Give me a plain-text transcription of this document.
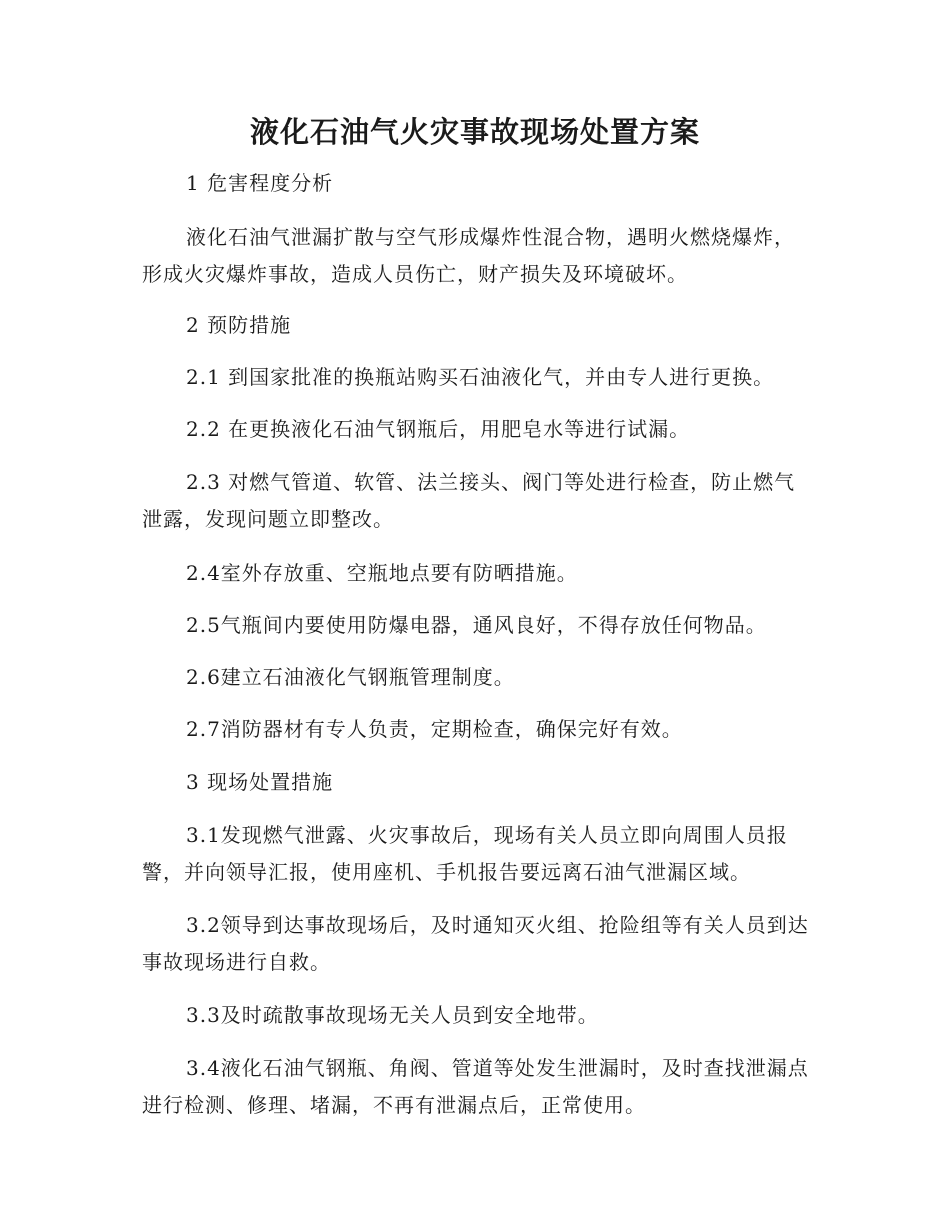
液化石油气火灾事故现场处置方案

1 危害程度分析

液化石油气泄漏扩散与空气形成爆炸性混合物，遇明火燃烧爆炸，形成火灾爆炸事故，造成人员伤亡，财产损失及环境破坏。

2 预防措施

2.1 到国家批准的换瓶站购买石油液化气，并由专人进行更换。

2.2 在更换液化石油气钢瓶后，用肥皂水等进行试漏。

2.3 对燃气管道、软管、法兰接头、阀门等处进行检查，防止燃气泄露，发现问题立即整改。

2.4室外存放重、空瓶地点要有防晒措施。

2.5气瓶间内要使用防爆电器，通风良好，不得存放任何物品。

2.6建立石油液化气钢瓶管理制度。

2.7消防器材有专人负责，定期检查，确保完好有效。

3 现场处置措施

3.1发现燃气泄露、火灾事故后，现场有关人员立即向周围人员报警，并向领导汇报，使用座机、手机报告要远离石油气泄漏区域。

3.2领导到达事故现场后，及时通知灭火组、抢险组等有关人员到达事故现场进行自救。

3.3及时疏散事故现场无关人员到安全地带。

3.4液化石油气钢瓶、角阀、管道等处发生泄漏时，及时查找泄漏点进行检测、修理、堵漏，不再有泄漏点后，正常使用。
